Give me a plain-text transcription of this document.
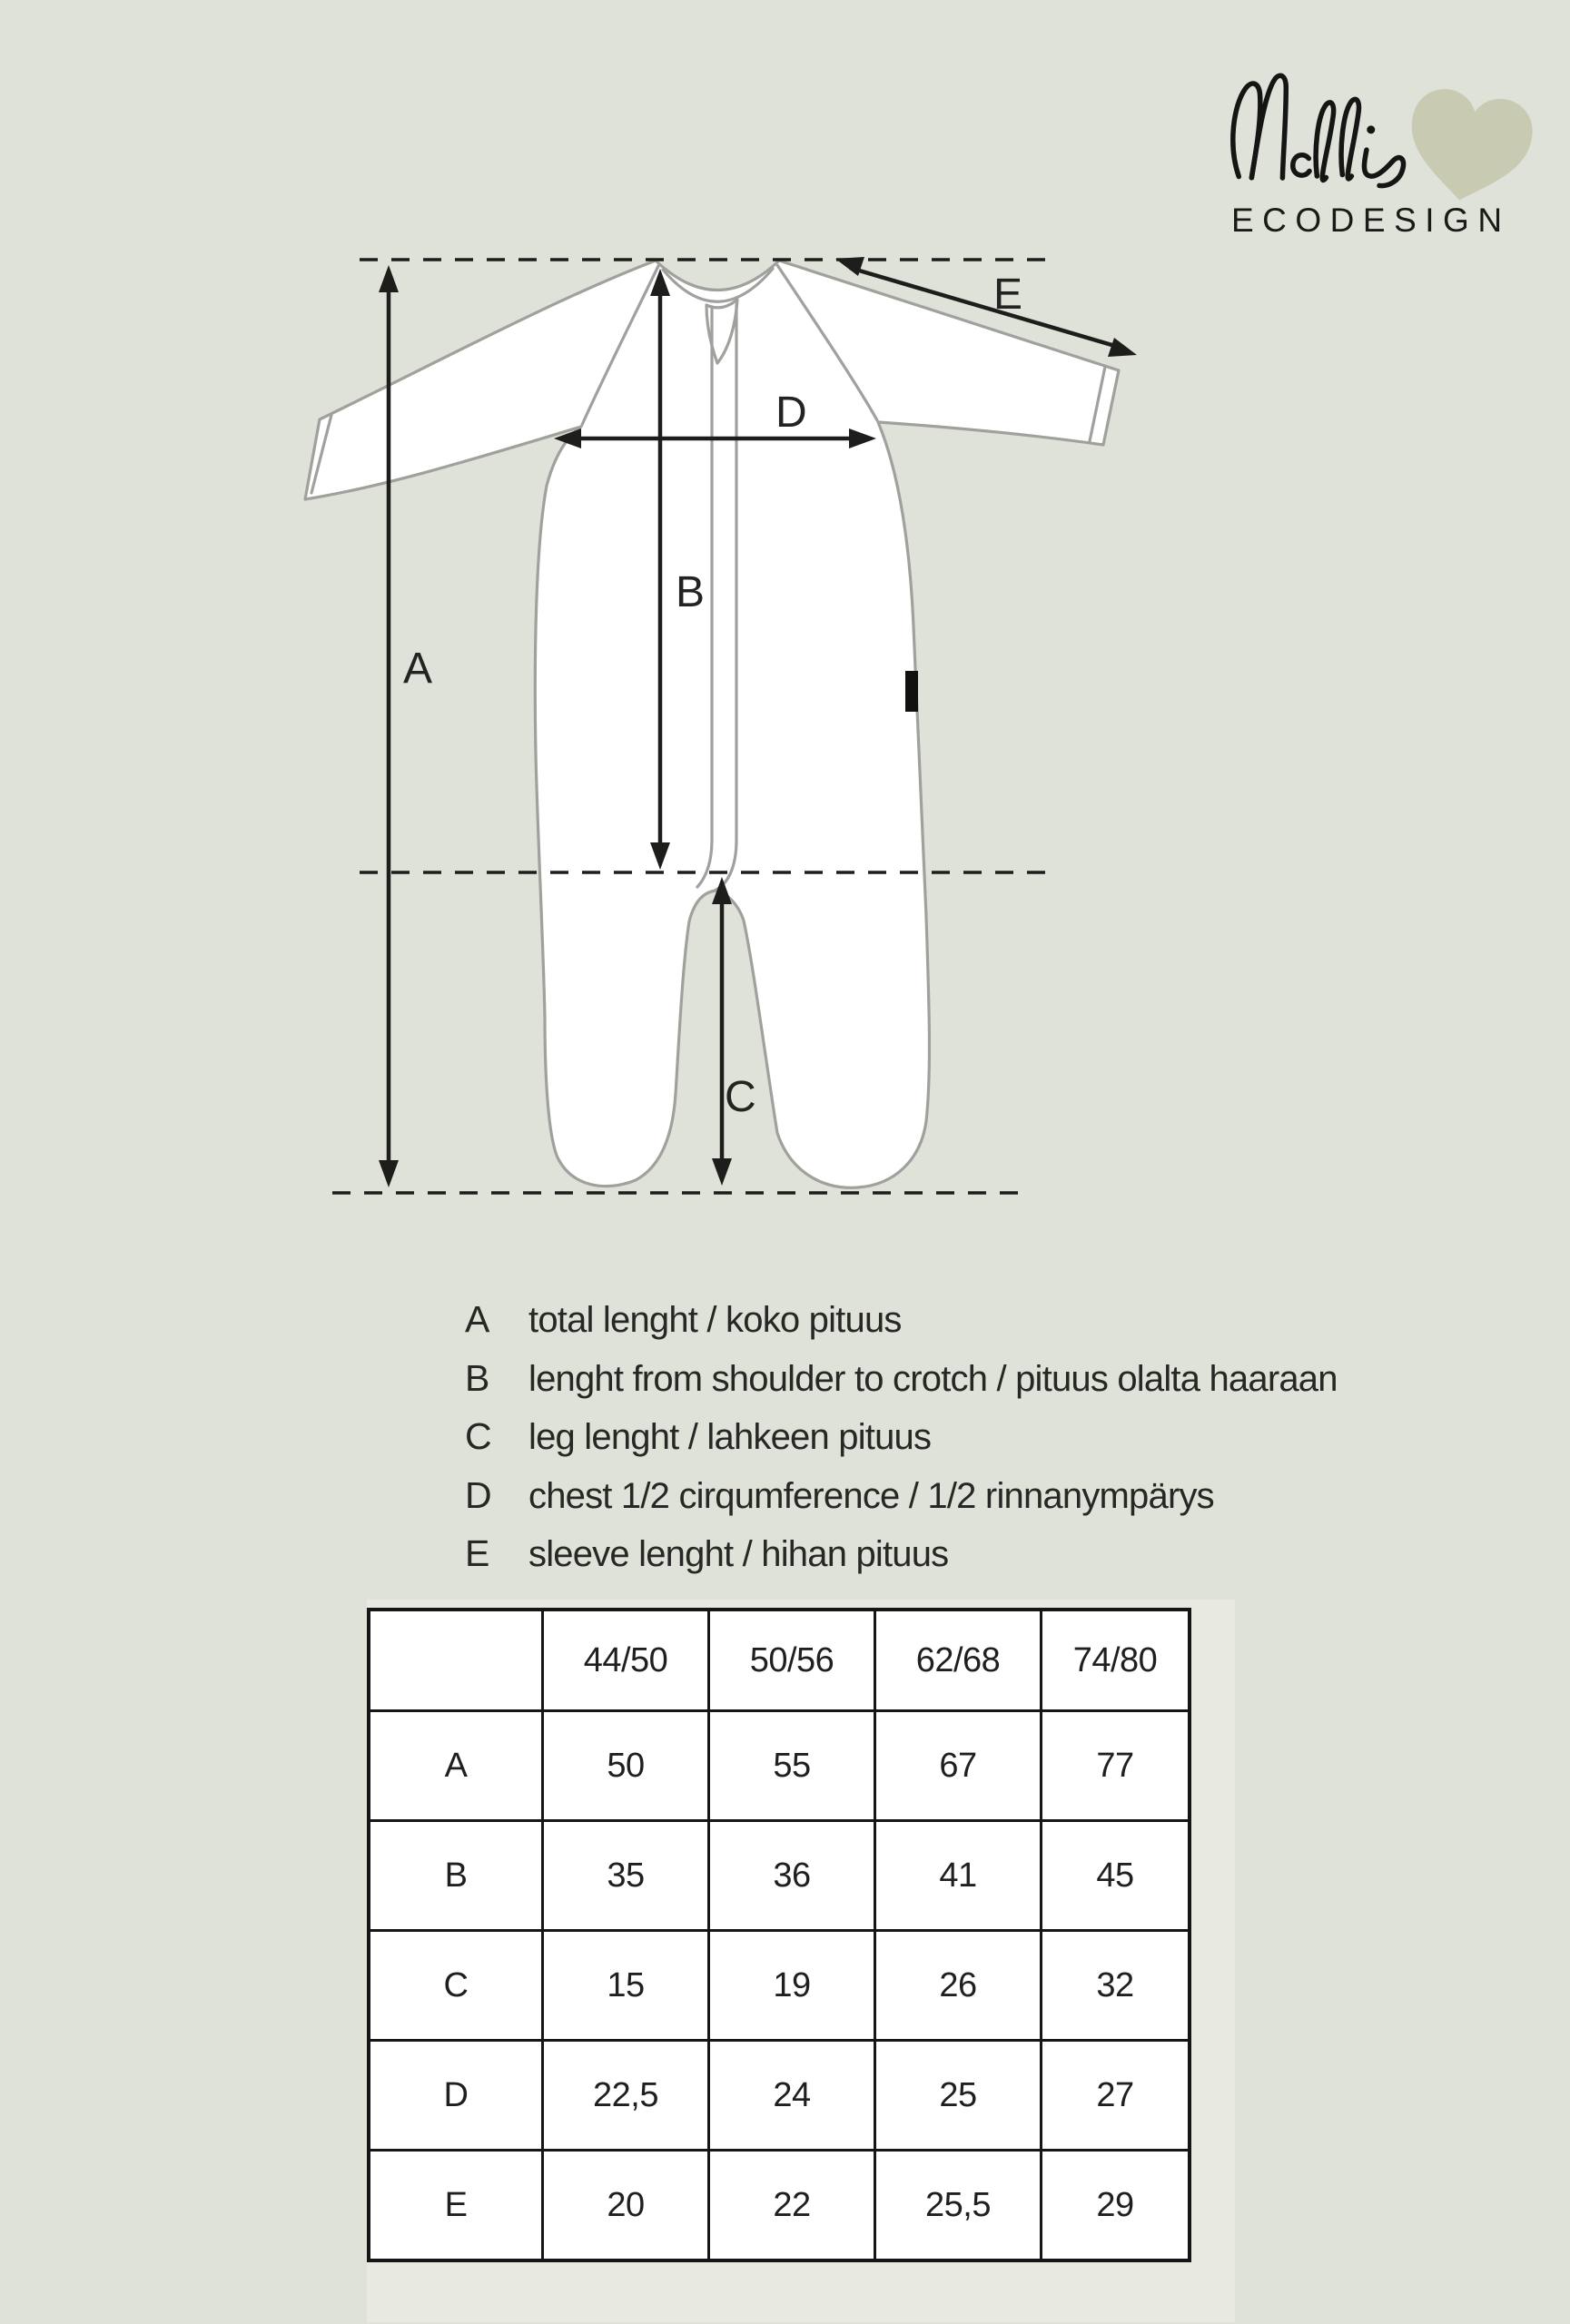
ECODESIGN
A
B
C
D
E
A	total lenght / koko pituus
B	lenght from shoulder to crotch / pituus olalta haaraan
C	leg lenght / lahkeen pituus
D	chest 1/2 cirqumference / 1/2 rinnanympärys
E	sleeve lenght / hihan pituus
44/50	50/56	62/68	74/80
A	50	55	67	77
B	35	36	41	45
C	15	19	26	32
D	22,5	24	25	27
E	20	22	25,5	29
